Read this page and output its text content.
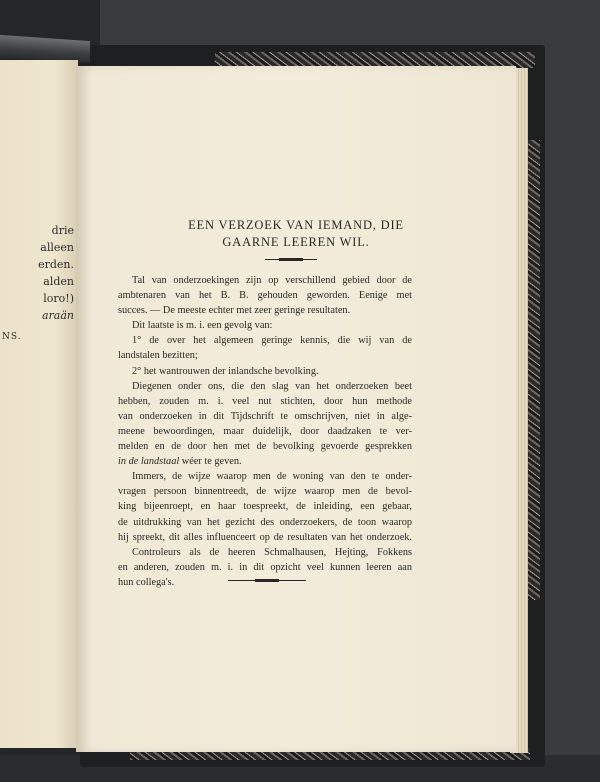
drie
alleen
erden.
alden
loro!)
araän
NS.
EEN VERZOEK VAN IEMAND, DIE
GAARNE LEEREN WIL.
Tal van onderzoekingen zijn op verschillend gebied door de
ambtenaren van het B. B. gehouden geworden. Eenige met
succes. — De meeste echter met zeer geringe resultaten.
Dit laatste is m. i. een gevolg van:
1° de over het algemeen geringe kennis, die wij van de
landstalen bezitten;
2° het wantrouwen der inlandsche bevolking.
Diegenen onder ons, die den slag van het onderzoeken beet
hebben, zouden m. i. veel nut stichten, door hun methode
van onderzoeken in dit Tijdschrift te omschrijven, niet in alge-
meene bewoordingen, maar duidelijk, door daadzaken te ver-
melden en de door hen met de bevolking gevoerde gesprekken
in de landstaal wéer te geven.
Immers, de wijze waarop men de woning van den te onder-
vragen persoon binnentreedt, de wijze waarop men de bevol-
king bijeenroept, en haar toespreekt, de inleiding, een gebaar,
de uitdrukking van het gezicht des onderzoekers, de toon waarop
hij spreekt, dit alles influenceert op de resultaten van het onderzoek.
Controleurs als de heeren Schmalhausen, Hejting, Fokkens
en anderen, zouden m. i. in dit opzicht veel kunnen leeren aan
hun collega's.
